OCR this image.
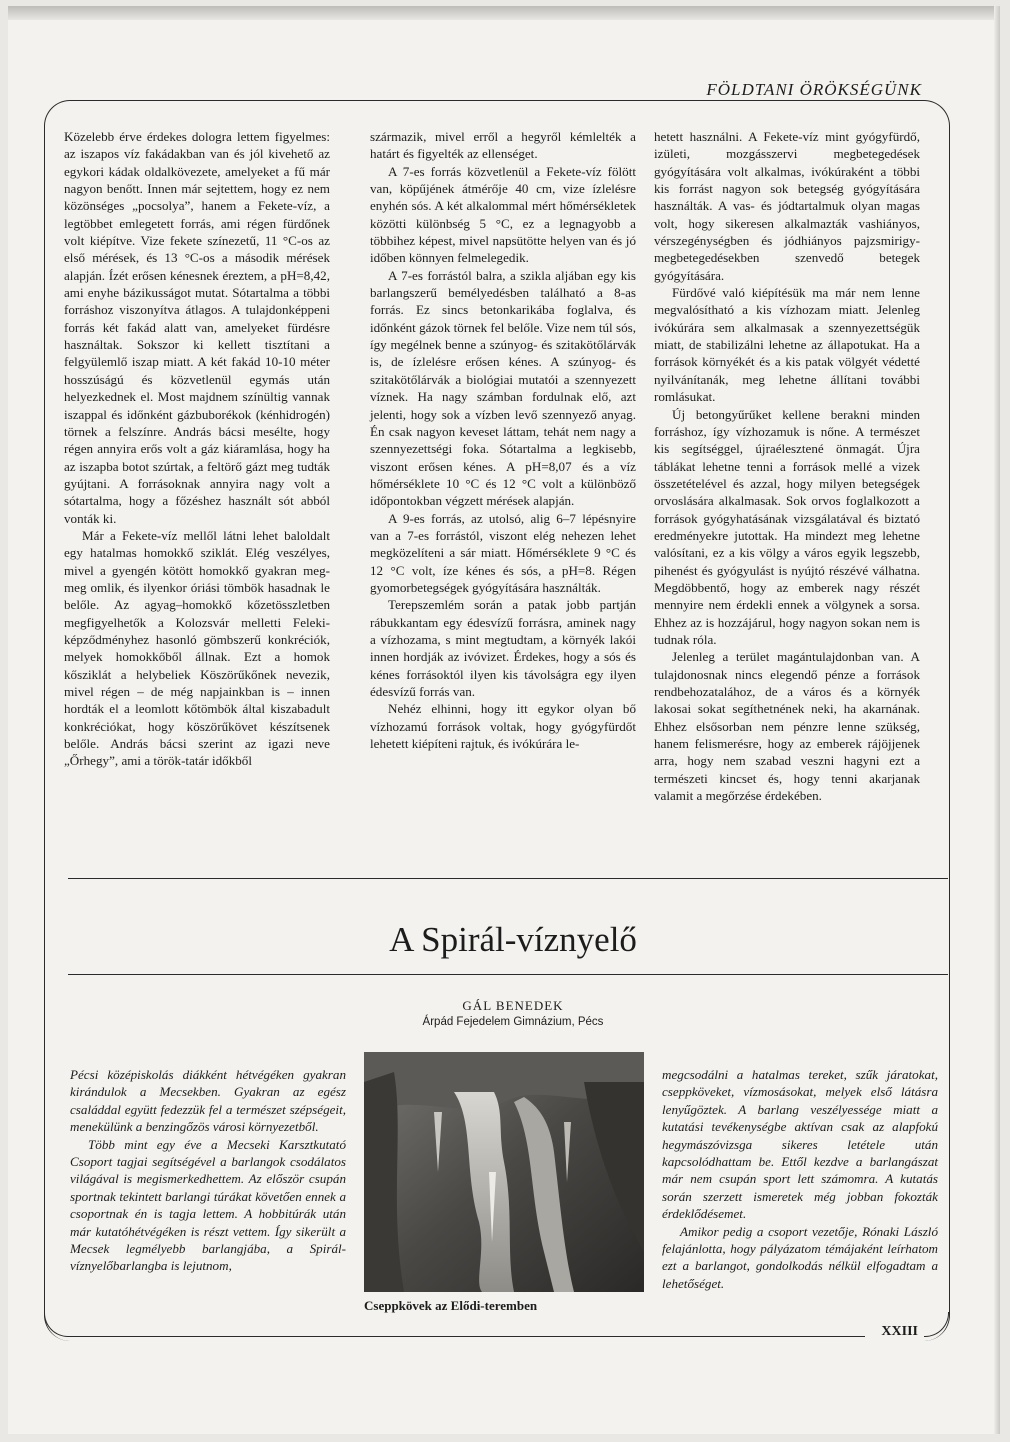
FÖLDTANI ÖRÖKSÉGÜNK

Közelebb érve érdekes dologra lettem figyelmes: az iszapos víz fakádakban van és jól kivehető az egykori kádak oldalkövezete, amelyeket a fű már nagyon benőtt. Innen már sejtettem, hogy ez nem közönséges „pocsolya”, hanem a Fekete-víz, a legtöbbet emlegetett forrás, ami régen fürdőnek volt kiépítve. Vize fekete színezetű, 11 °C-os az első mérések, és 13 °C-os a második mérések alapján. Ízét erősen kénesnek éreztem, a pH=8,42, ami enyhe bázikusságot mutat. Sótartalma a többi forráshoz viszonyítva átlagos. A tulajdonképpeni forrás két fakád alatt van, amelyeket fürdésre használtak. Sokszor ki kellett tisztítani a felgyülemlő iszap miatt. A két fakád 10-10 méter hosszúságú és közvetlenül egymás után helyezkednek el. Most majdnem színültig vannak iszappal és időnként gázbuborékok (kénhidrogén) törnek a felszínre. András bácsi mesélte, hogy régen annyira erős volt a gáz kiáramlása, hogy ha az iszapba botot szúrtak, a feltörő gázt meg tudták gyújtani. A forrásoknak annyira nagy volt a sótartalma, hogy a főzéshez használt sót abból vonták ki.

Már a Fekete-víz mellől látni lehet baloldalt egy hatalmas homokkő sziklát. Elég veszélyes, mivel a gyengén kötött homokkő gyakran meg-meg omlik, és ilyenkor óriási tömbök hasadnak le belőle. Az agyag–homokkő kőzetösszletben megfigyelhetők a Kolozsvár melletti Feleki-képződményhez hasonló gömbszerű konkréciók, melyek homokkőből állnak. Ezt a homok kősziklát a helybeliek Köszörűkőnek nevezik, mivel régen – de még napjainkban is – innen hordták el a leomlott kőtömbök által kiszabadult konkréciókat, hogy köszörűkövet készítsenek belőle. András bácsi szerint az igazi neve „Őrhegy”, ami a török-tatár időkből

származik, mivel erről a hegyről kémlelték a határt és figyelték az ellenséget.

A 7-es forrás közvetlenül a Fekete-víz fölött van, köpűjének átmérője 40 cm, vize ízlelésre enyhén sós. A két alkalommal mért hőmérsékletek közötti különbség 5 °C, ez a legnagyobb a többihez képest, mivel napsütötte helyen van és jó időben könnyen felmelegedik.

A 7-es forrástól balra, a szikla aljában egy kis barlangszerű bemélyedésben található a 8-as forrás. Ez sincs betonkarikába foglalva, és időnként gázok törnek fel belőle. Vize nem túl sós, így megélnek benne a szúnyog- és szitakötőlárvák is, de ízlelésre erősen kénes. A szúnyog- és szitakötőlárvák a biológiai mutatói a szennyezett víznek. Ha nagy számban fordulnak elő, azt jelenti, hogy sok a vízben levő szennyező anyag. Én csak nagyon keveset láttam, tehát nem nagy a szennyezettségi foka. Sótartalma a legkisebb, viszont erősen kénes. A pH=8,07 és a víz hőmérséklete 10 °C és 12 °C volt a különböző időpontokban végzett mérések alapján.

A 9-es forrás, az utolsó, alig 6–7 lépésnyire van a 7-es forrástól, viszont elég nehezen lehet megközelíteni a sár miatt. Hőmérséklete 9 °C és 12 °C volt, íze kénes és sós, a pH=8. Régen gyomorbetegségek gyógyítására használták.

Terepszemlém során a patak jobb partján rábukkantam egy édesvízű forrásra, aminek nagy a vízhozama, s mint megtudtam, a környék lakói innen hordják az ivóvizet. Érdekes, hogy a sós és kénes forrásoktól ilyen kis távolságra egy ilyen édesvízű forrás van.

Nehéz elhinni, hogy itt egykor olyan bő vízhozamú források voltak, hogy gyógyfürdőt lehetett kiépíteni rajtuk, és ivókúrára le-

hetett használni. A Fekete-víz mint gyógyfürdő, izületi, mozgásszervi megbetegedések gyógyítására volt alkalmas, ivókúraként a többi kis forrást nagyon sok betegség gyógyítására használták. A vas- és jódtartalmuk olyan magas volt, hogy sikeresen alkalmazták vashiányos, vérszegénységben és jódhiányos pajzsmirigy-megbetegedésekben szenvedő betegek gyógyítására.

Fürdővé való kiépítésük ma már nem lenne megvalósítható a kis vízhozam miatt. Jelenleg ivókúrára sem alkalmasak a szennyezettségük miatt, de stabilizálni lehetne az állapotukat. Ha a források környékét és a kis patak völgyét védetté nyilvánítanák, meg lehetne állítani további romlásukat.

Új betongyűrűket kellene berakni minden forráshoz, így vízhozamuk is nőne. A természet kis segítséggel, újraélesztené önmagát. Újra táblákat lehetne tenni a források mellé a vizek összetételével és azzal, hogy milyen betegségek orvoslására alkalmasak. Sok orvos foglalkozott a források gyógyhatásának vizsgálatával és biztató eredményekre jutottak. Ha mindezt meg lehetne valósítani, ez a kis völgy a város egyik legszebb, pihenést és gyógyulást is nyújtó részévé válhatna. Megdöbbentő, hogy az emberek nagy részét mennyire nem érdekli ennek a völgynek a sorsa. Ehhez az is hozzájárul, hogy nagyon sokan nem is tudnak róla.

Jelenleg a terület magántulajdonban van. A tulajdonosnak nincs elegendő pénze a források rendbehozatalához, de a város és a környék lakosai sokat segíthetnének neki, ha akarnának. Ehhez elsősorban nem pénzre lenne szükség, hanem felismerésre, hogy az emberek rájöjjenek arra, hogy nem szabad veszni hagyni ezt a természeti kincset és, hogy tenni akarjanak valamit a megőrzése érdekében.

A Spirál-víznyelő
GÁL BENEDEK
Árpád Fejedelem Gimnázium, Pécs

Pécsi középiskolás diákként hétvégéken gyakran kirándulok a Mecsekben. Gyakran az egész családdal együtt fedezzük fel a természet szépségeit, menekülünk a benzingőzös városi környezetből.

Több mint egy éve a Mecseki Karsztkutató Csoport tagjai segítségével a barlangok csodálatos világával is megismerkedhettem. Az először csupán sportnak tekintett barlangi túrákat követően ennek a csoportnak én is tagja lettem. A hobbitúrák után már kutatóhétvégéken is részt vettem. Így sikerült a Mecsek legmélyebb barlangjába, a Spirál-víznyelőbarlangba is lejutnom,

Cseppkövek az Elődi-teremben

megcsodálni a hatalmas tereket, szűk járatokat, cseppköveket, vízmosásokat, melyek első látásra lenyűgöztek. A barlang veszélyessége miatt a kutatási tevékenységbe aktívan csak az alapfokú hegymászóvizsga sikeres letétele után kapcsolódhattam be. Ettől kezdve a barlangászat már nem csupán sport lett számomra. A kutatás során szerzett ismeretek még jobban fokozták érdeklődésemet.

Amikor pedig a csoport vezetője, Rónaki László felajánlotta, hogy pályázatom témájaként leírhatom ezt a barlangot, gondolkodás nélkül elfogadtam a lehetőséget.

XXIII
